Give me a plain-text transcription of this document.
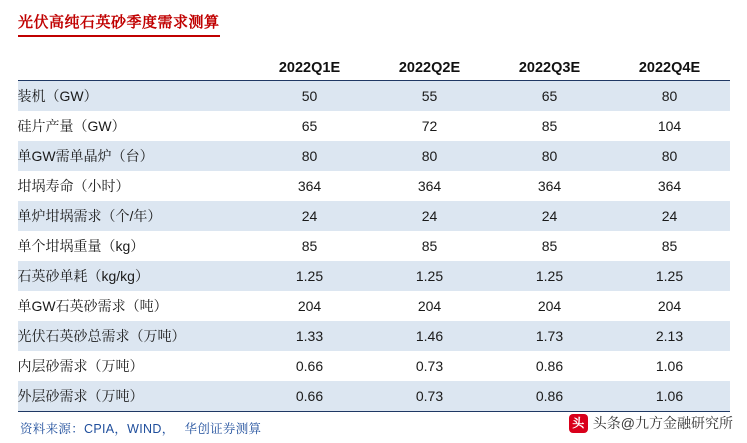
光伏高纯石英砂季度需求测算

	2022Q1E	2022Q2E	2022Q3E	2022Q4E

装机（GW）	50	55	65	80
硅片产量（GW）	65	72	85	104
单GW需单晶炉（台）	80	80	80	80
坩埚寿命（小时）	364	364	364	364
单炉坩埚需求（个/年）	24	24	24	24
单个坩埚重量（kg）	85	85	85	85
石英砂单耗（kg/kg）	1.25	1.25	1.25	1.25
单GW石英砂需求（吨）	204	204	204	204
光伏石英砂总需求（万吨）	1.33	1.46	1.73	2.13
内层砂需求（万吨）	0.66	0.73	0.86	1.06
外层砂需求（万吨）	0.66	0.73	0.86	1.06
资料来源：CPIA，WIND， 华创证券测算	头 头条@九方金融研究所
